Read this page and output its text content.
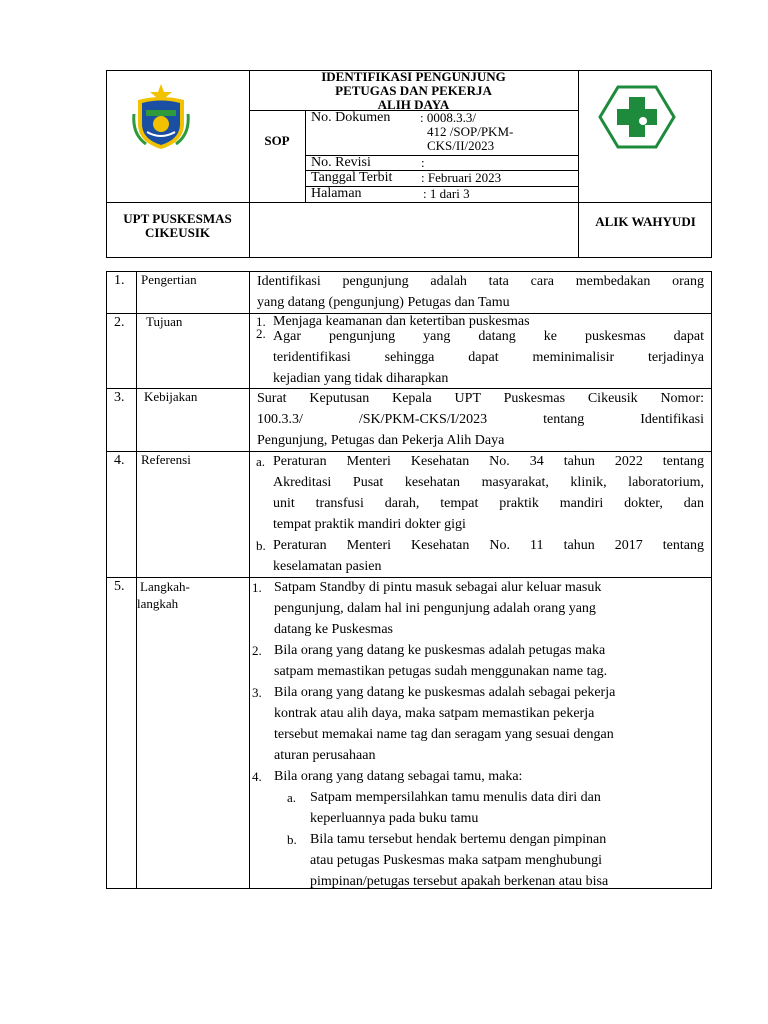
IDENTIFIKASI PENGUNJUNG
PETUGAS DAN PEKERJA
ALIH DAYA
SOP
No. Dokumen : 0008.3.3/
412 /SOP/PKM-
CKS/II/2023
No. Revisi	:
Tanggal Terbit : Februari 2023
Halaman	: 1 dari 3
UPT PUSKESMAS
CIKEUSIK
ALIK WAHYUDI
1. Pengertian	Identifikasi pengunjung adalah tata cara membedakan orang
yang datang (pengunjung) Petugas dan Tamu
2. Tujuan	1. Menjaga keamanan dan ketertiban puskesmas
2. Agar pengunjung yang datang ke puskesmas dapat
teridentifikasi sehingga dapat meminimalisir terjadinya
kejadian yang tidak diharapkan
3. Kebijakan	Surat Keputusan Kepala UPT Puskesmas Cikeusik Nomor:
100.3.3/ /SK/PKM-CKS/I/2023 tentang Identifikasi
Pengunjung, Petugas dan Pekerja Alih Daya
4. Referensi	a. Peraturan Menteri Kesehatan No. 34 tahun 2022 tentang
Akreditasi Pusat kesehatan masyarakat, klinik, laboratorium,
unit transfusi darah, tempat praktik mandiri dokter, dan
tempat praktik mandiri dokter gigi
b. Peraturan Menteri Kesehatan No. 11 tahun 2017 tentang
keselamatan pasien
5. Langkah-
langkah
1. Satpam Standby di pintu masuk sebagai alur keluar masuk
pengunjung, dalam hal ini pengunjung adalah orang yang
datang ke Puskesmas
2. Bila orang yang datang ke puskesmas adalah petugas maka
satpam memastikan petugas sudah menggunakan name tag.
3. Bila orang yang datang ke puskesmas adalah sebagai pekerja
kontrak atau alih daya, maka satpam memastikan pekerja
tersebut memakai name tag dan seragam yang sesuai dengan
aturan perusahaan
4. Bila orang yang datang sebagai tamu, maka:
a. Satpam mempersilahkan tamu menulis data diri dan
keperluannya pada buku tamu
b. Bila tamu tersebut hendak bertemu dengan pimpinan
atau petugas Puskesmas maka satpam menghubungi
pimpinan/petugas tersebut apakah berkenan atau bisa
